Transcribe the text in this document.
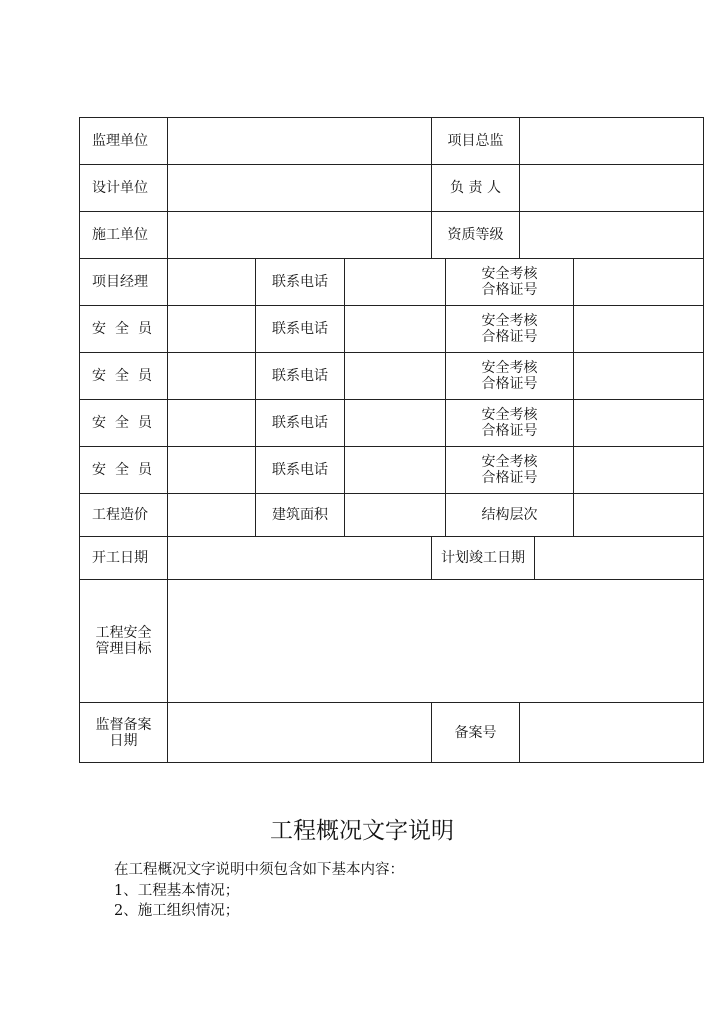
监理单位				项目总监				
设计单位				负 责 人				
施工单位				资质等级				
项目经理		联系电话			安全考核
合格证号			

安全员		联系电话			安全考核
合格证号			

安全员		联系电话			安全考核
合格证号			

安全员		联系电话			安全考核
合格证号			

安全员		联系电话			安全考核
合格证号			

工程造价		建筑面积			结构层次			
开工日期				计划竣工日期				

工程安全
管理目标								

监督备案
日期				备案号				
工程概况文字说明
在工程概况文字说明中须包含如下基本内容：
1、工程基本情况；
2、施工组织情况；
